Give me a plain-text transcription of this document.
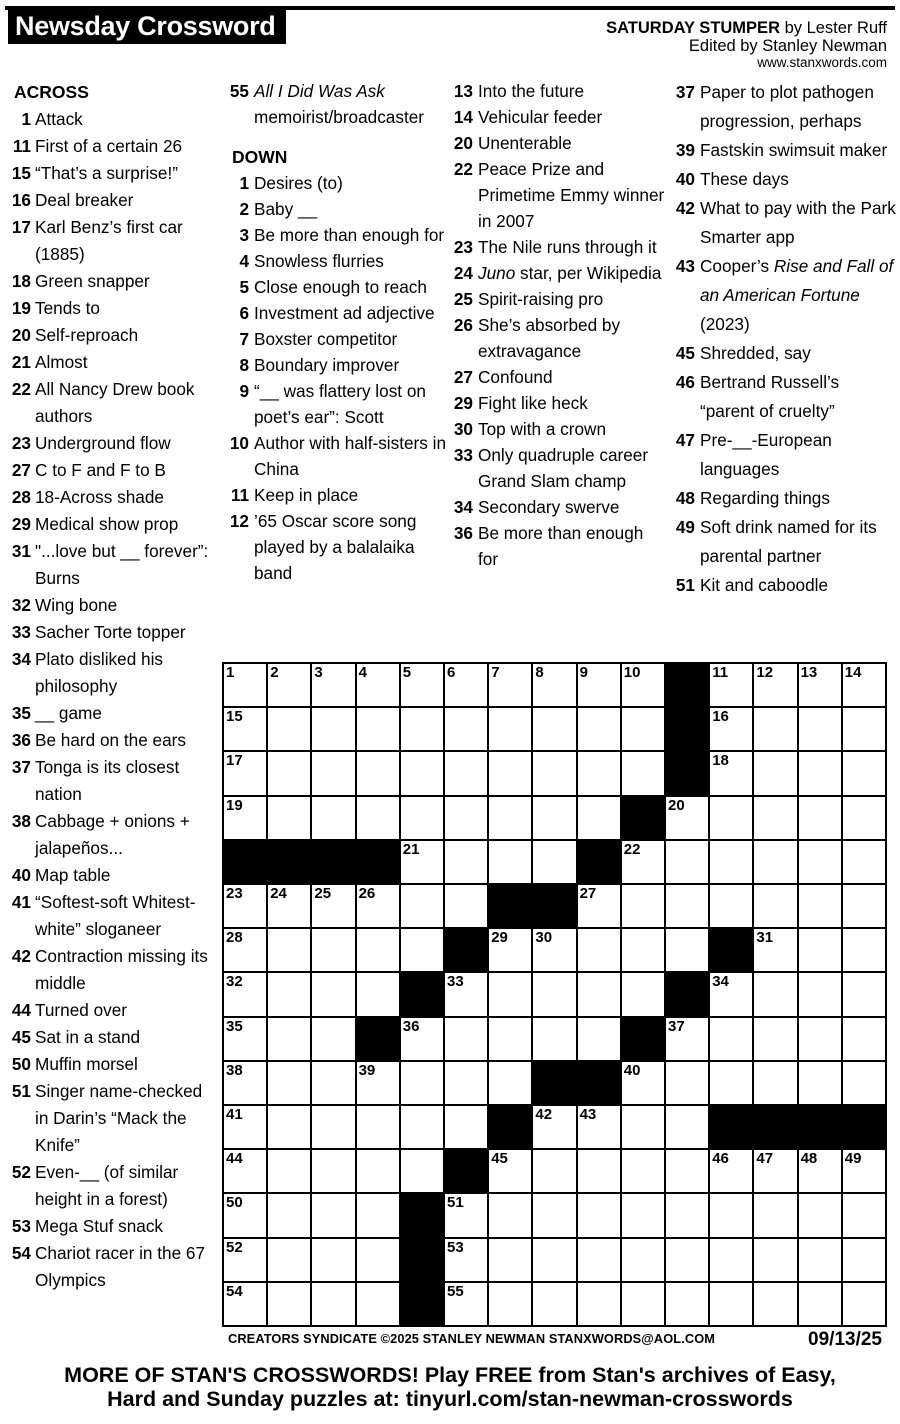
Newsday Crossword	SATURDAY STUMPER by Lester Ruff
Edited by Stanley Newman
www.stanxwords.com
ACROSS
1 Attack
11 First of a certain 26
15 “That’s a surprise!”
16 Deal breaker
17 Karl Benz’s first car (1885)
18 Green snapper
19 Tends to
20 Self-reproach
21 Almost
22 All Nancy Drew book authors
23 Underground flow
27 C to F and F to B
28 18-Across shade
29 Medical show prop
31 "...love but __ forever”: Burns
32 Wing bone
33 Sacher Torte topper
34 Plato disliked his philosophy
35 __ game
36 Be hard on the ears
37 Tonga is its closest nation
38 Cabbage + onions + jalapeños...
40 Map table
41 “Softest-soft Whitest-white” sloganeer
42 Contraction missing its middle
44 Turned over
45 Sat in a stand
50 Muffin morsel
51 Singer name-checked in Darin’s “Mack the Knife”
52 Even-__ (of similar height in a forest)
53 Mega Stuf snack
54 Chariot racer in the 67 Olympics
55 All I Did Was Ask memoirist/broadcaster
DOWN
1 Desires (to)
2 Baby __
3 Be more than enough for
4 Snowless flurries
5 Close enough to reach
6 Investment ad adjective
7 Boxster competitor
8 Boundary improver
9 “__ was flattery lost on poet’s ear”: Scott
10 Author with half-sisters in China
11 Keep in place
12 ’65 Oscar score song played by a balalaika band
13 Into the future
14 Vehicular feeder
20 Unenterable
22 Peace Prize and Primetime Emmy winner in 2007
23 The Nile runs through it
24 Juno star, per Wikipedia
25 Spirit-raising pro
26 She’s absorbed by extravagance
27 Confound
29 Fight like heck
30 Top with a crown
33 Only quadruple career Grand Slam champ
34 Secondary swerve
36 Be more than enough for
37 Paper to plot pathogen progression, perhaps
39 Fastskin swimsuit maker
40 These days
42 What to pay with the Park Smarter app
43 Cooper’s Rise and Fall of an American Fortune (2023)
45 Shredded, say
46 Bertrand Russell’s “parent of cruelty”
47 Pre-__-European languages
48 Regarding things
49 Soft drink named for its parental partner
51 Kit and caboodle
1 2 3 4 5 6 7 8 9 10	11 12 13 14
15	16
17	18
19	20
21	22
23 24 25 26	27
28	29 30	31
32	33	34
35	36	37
38	39	40
41	42 43
44	45	46 47 48 49
50	51
52	53
54	55
CREATORS SYNDICATE ©2025 STANLEY NEWMAN STANXWORDS@AOL.COM	09/13/25
MORE OF STAN'S CROSSWORDS! Play FREE from Stan's archives of Easy,
Hard and Sunday puzzles at: tinyurl.com/stan-newman-crosswords
